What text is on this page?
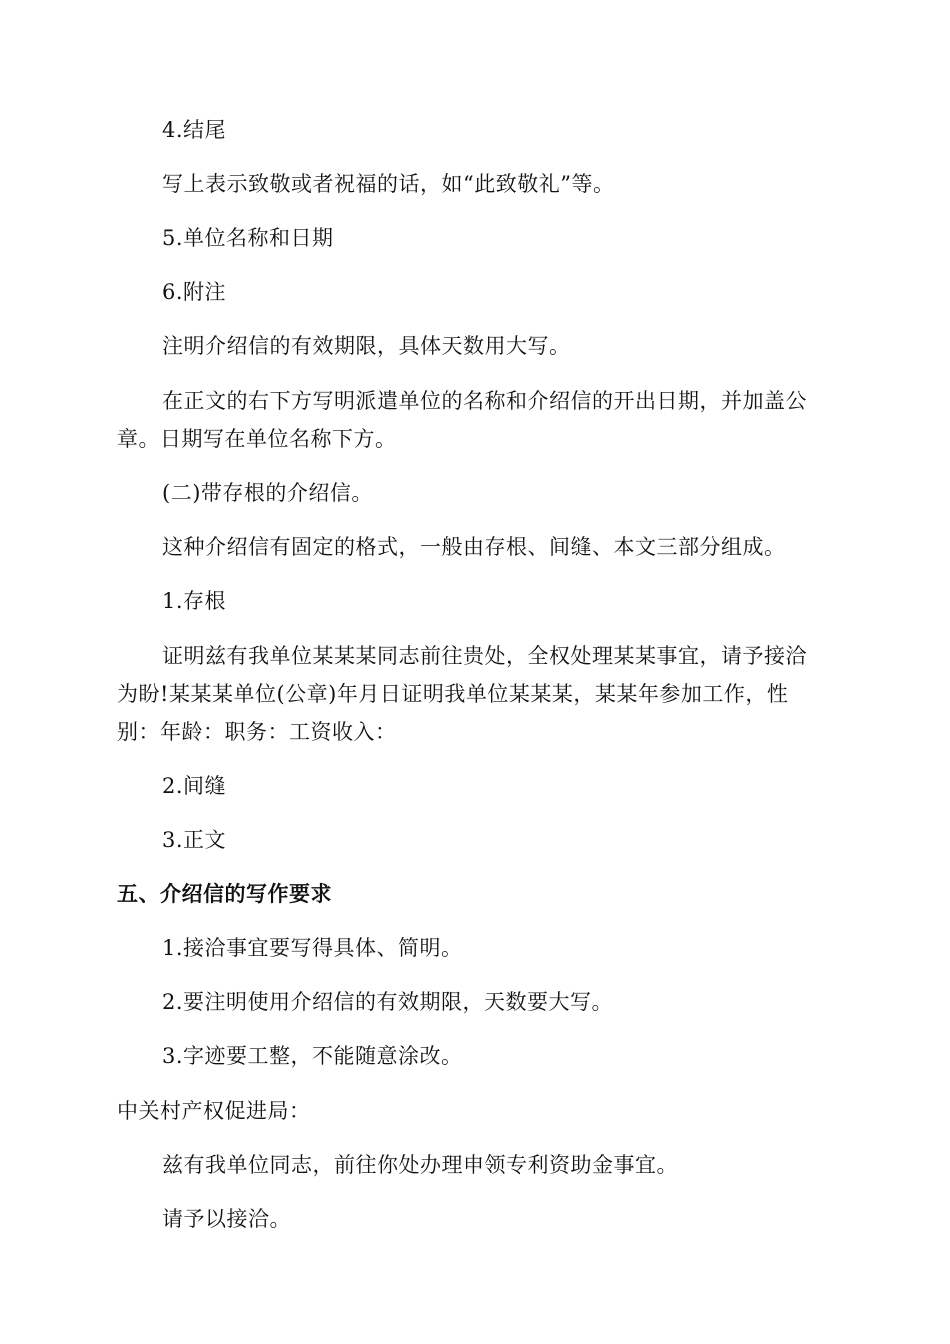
4.结尾

写上表示致敬或者祝福的话，如“此致敬礼”等。

5.单位名称和日期

6.附注

注明介绍信的有效期限，具体天数用大写。

在正文的右下方写明派遣单位的名称和介绍信的开出日期，并加盖公

章。日期写在单位名称下方。

(二)带存根的介绍信。

这种介绍信有固定的格式，一般由存根、间缝、本文三部分组成。

1.存根

证明兹有我单位某某某同志前往贵处，全权处理某某事宜，请予接洽

为盼!某某某单位(公章)年月日证明我单位某某某，某某年参加工作，性

别：年龄：职务：工资收入：

2.间缝

3.正文

五、介绍信的写作要求

1.接洽事宜要写得具体、简明。

2.要注明使用介绍信的有效期限，天数要大写。

3.字迹要工整，不能随意涂改。

中关村产权促进局：

兹有我单位同志，前往你处办理申领专利资助金事宜。

请予以接洽。
